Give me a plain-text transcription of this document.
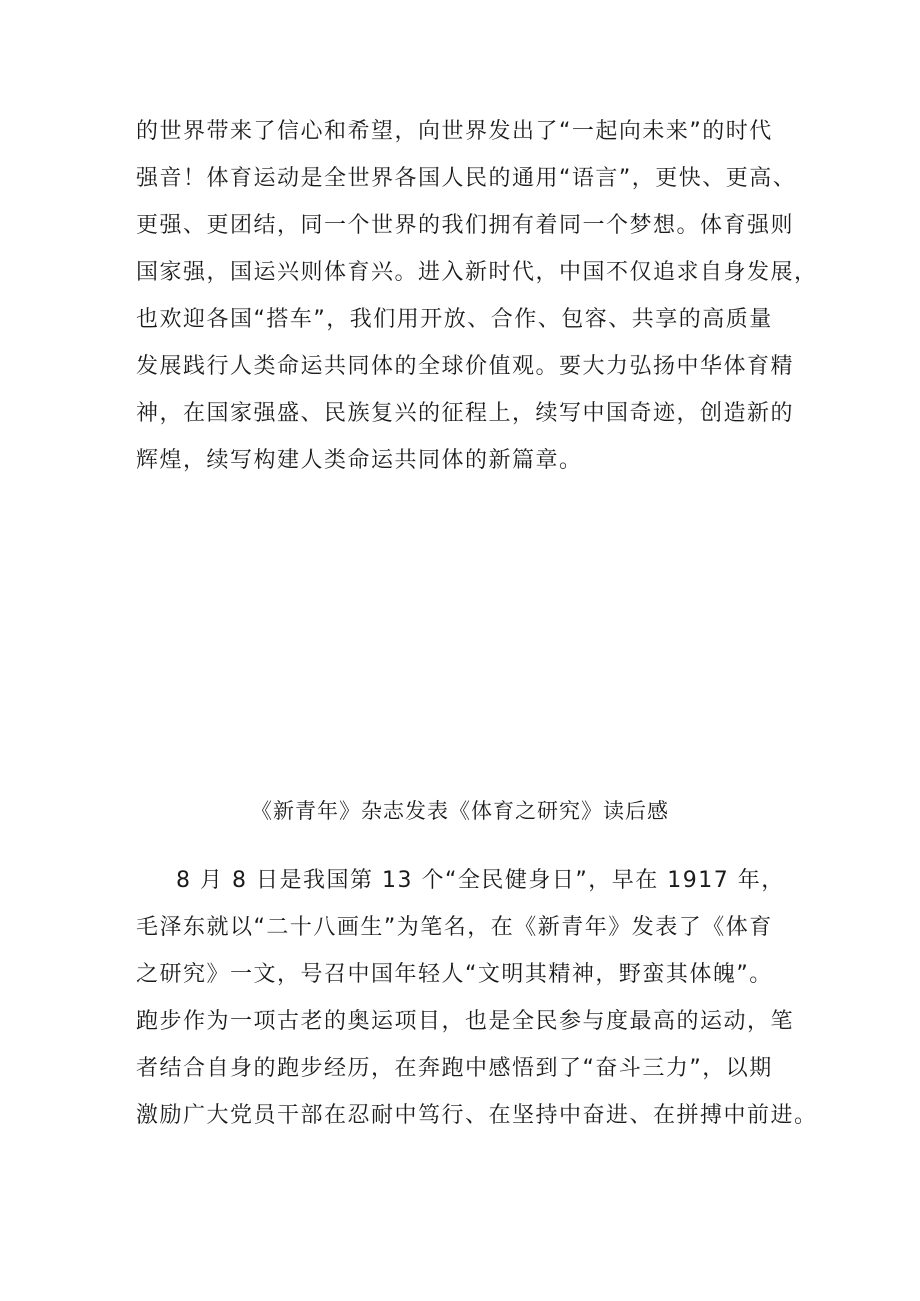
的世界带来了信心和希望，向世界发出了“一起向未来”的时代
强音！体育运动是全世界各国人民的通用“语言”，更快、更高、
更强、更团结，同一个世界的我们拥有着同一个梦想。体育强则
国家强，国运兴则体育兴。进入新时代，中国不仅追求自身发展，
也欢迎各国“搭车”，我们用开放、合作、包容、共享的高质量
发展践行人类命运共同体的全球价值观。要大力弘扬中华体育精
神，在国家强盛、民族复兴的征程上，续写中国奇迹，创造新的
辉煌，续写构建人类命运共同体的新篇章。
《新青年》杂志发表《体育之研究》读后感
8 月 8 日是我国第 13 个“全民健身日”，早在 1917 年，
毛泽东就以“二十八画生”为笔名，在《新青年》发表了《体育
之研究》一文，号召中国年轻人“文明其精神，野蛮其体魄”。
跑步作为一项古老的奥运项目，也是全民参与度最高的运动，笔
者结合自身的跑步经历，在奔跑中感悟到了“奋斗三力”，以期
激励广大党员干部在忍耐中笃行、在坚持中奋进、在拼搏中前进。
